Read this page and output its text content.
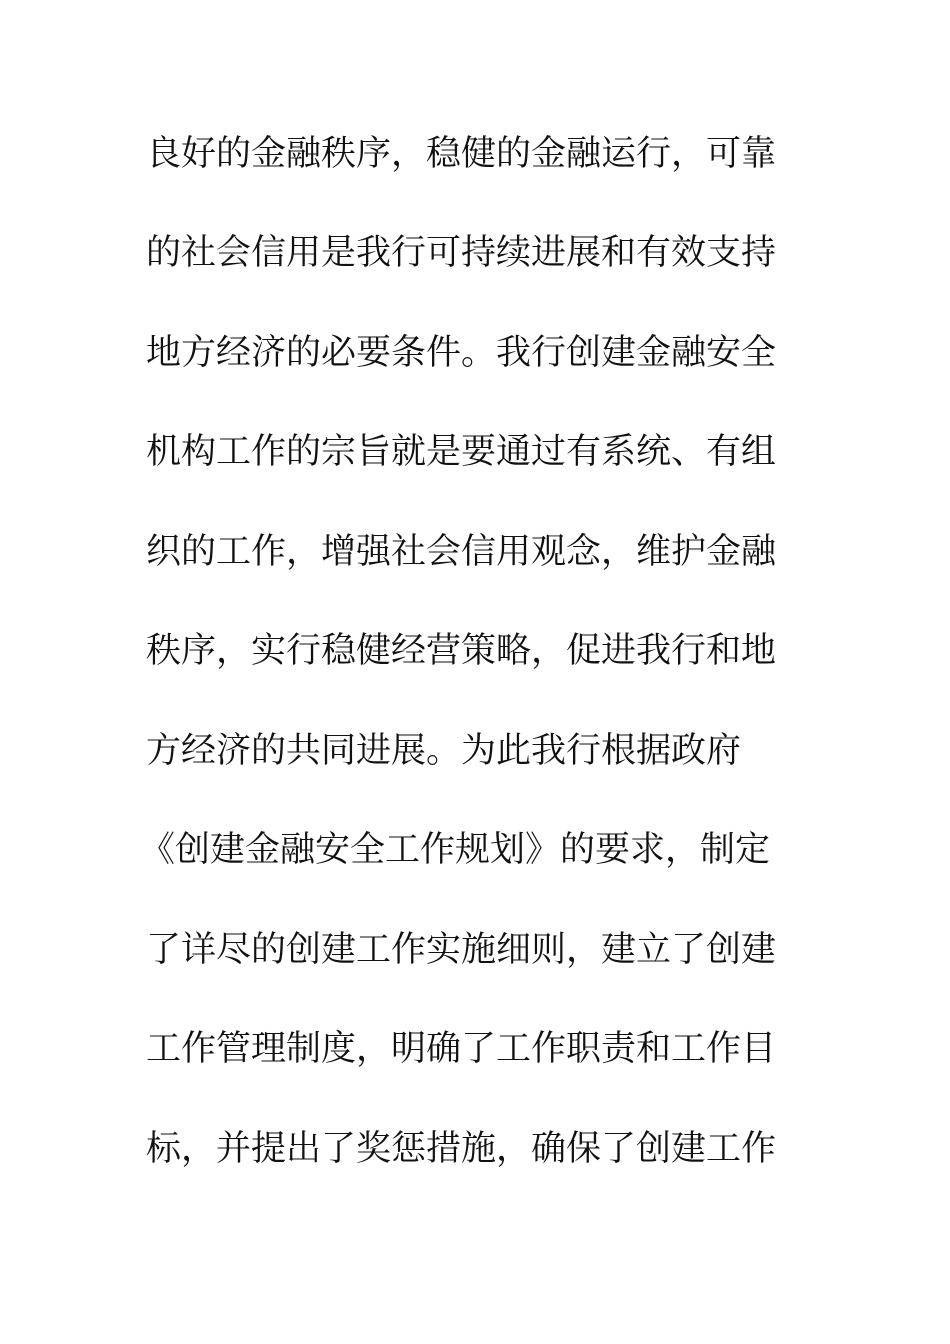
良好的金融秩序，稳健的金融运行，可靠
的社会信用是我行可持续进展和有效支持
地方经济的必要条件。我行创建金融安全
机构工作的宗旨就是要通过有系统、有组
织的工作，增强社会信用观念，维护金融
秩序，实行稳健经营策略，促进我行和地
方经济的共同进展。为此我行根据政府
《创建金融安全工作规划》的要求，制定
了详尽的创建工作实施细则，建立了创建
工作管理制度，明确了工作职责和工作目
标，并提出了奖惩措施，确保了创建工作
